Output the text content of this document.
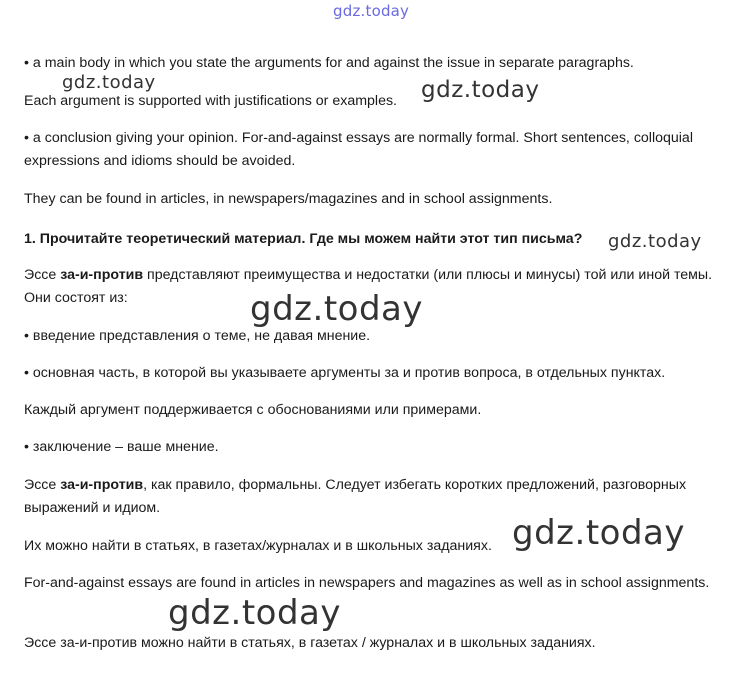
gdz.today
gdz.today	gdz.today
gdz.today
gdz.today
gdz.today
gdz.today

• a main body in which you state the arguments for and against the issue in separate paragraphs.

Each argument is supported with justifications or examples.

• a conclusion giving your opinion. For-and-against essays are normally formal. Short sentences, colloquial expressions and idioms should be avoided.

They can be found in articles, in newspapers/magazines and in school assignments.

1. Прочитайте теоретический материал. Где мы можем найти этот тип письма?

Эссе за-и-против представляют преимущества и недостатки (или плюсы и минусы) той или иной темы. Они состоят из:

• введение представления о теме, не давая мнение.

• основная часть, в которой вы указываете аргументы за и против вопроса, в отдельных пунктах.

Каждый аргумент поддерживается с обоснованиями или примерами.

• заключение – ваше мнение.

Эссе за-и-против, как правило, формальны. Следует избегать коротких предложений, разговорных выражений и идиом.

Их можно найти в статьях, в газетах/журналах и в школьных заданиях.

For-and-against essays are found in articles in newspapers and magazines as well as in school assignments.

Эссе за-и-против можно найти в статьях, в газетах / журналах и в школьных заданиях.
